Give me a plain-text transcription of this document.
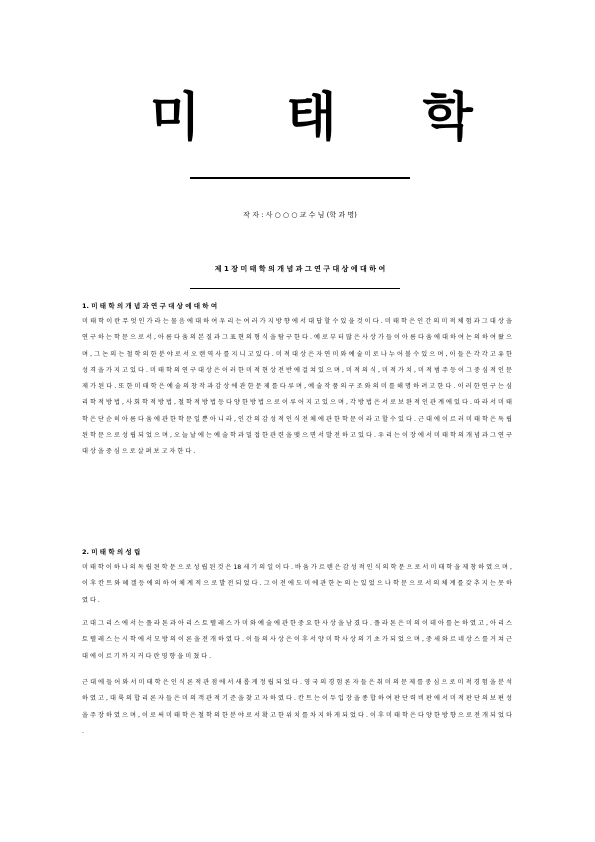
미 태 학
작 자 : 사 ○ ○ ○ 교 수 님 (학 과 명)
제 1 장 미 태 학 의 개 념 과 그 연 구 대 상 에 대 하 여
1. 미 태 학 의 개 념 과 연 구 대 상 에 대 하 여
미 태 학 이 란 무 엇 인 가 라 는 물 음 에 대 하 여 우 리 는 여 러 가 지 방 향 에 서 대 답 할 수 있 을 것 이 다 . 미 태 학 은 인 간 의 미 적 체 험 과 그 대 상 을 연 구 하 는 학 문 으 로 서 , 아 름 다 움 의 본 질 과 그 표 현 의 형 식 을 탐 구 한 다 . 예 로 부 터 많 은 사 상 가 들 이 아 름 다 움 에 대 하 여 논 의 하 여 왔 으 며 , 그 논 의 는 철 학 의 한 분 야 로 서 오 랜 역 사 를 지 니 고 있 다 . 미 적 대 상 은 자 연 미 와 예 술 미 로 나 누 어 볼 수 있 으 며 , 이 들 은 각 각 고 유 한 성 격 을 가 지 고 있 다 . 미 태 학 의 연 구 대 상 은 이 러 한 미 적 현 상 전 반 에 걸 쳐 있 으 며 , 미 적 의 식 , 미 적 가 치 , 미 적 범 주 등 이 그 중 심 적 인 문 제 가 된 다 . 또 한 미 태 학 은 예 술 의 창 작 과 감 상 에 관 한 문 제 를 다 루 며 , 예 술 작 품 의 구 조 와 의 미 를 해 명 하 려 고 한 다 . 이 러 한 연 구 는 심 리 학 적 방 법 , 사 회 학 적 방 법 , 철 학 적 방 법 등 다 양 한 방 법 으 로 이 루 어 지 고 있 으 며 , 각 방 법 은 서 로 보 완 적 인 관 계 에 있 다 . 따 라 서 미 태 학 은 단 순 히 아 름 다 움 에 관 한 학 문 일 뿐 아 니 라 , 인 간 의 감 성 적 인 식 전 체 에 관 한 학 문 이 라 고 할 수 있 다 . 근 대 에 이 르 러 미 태 학 은 독 립 된 학 문 으 로 성 립 되 었 으 며 , 오 늘 날 에 는 예 술 학 과 밀 접 한 관 련 을 맺 으 면 서 발 전 하 고 있 다 . 우 리 는 이 장 에 서 미 태 학 의 개 념 과 그 연 구 대 상 을 중 심 으 로 살 펴 보 고 자 한 다 .
2. 미 태 학 의 성 립
미 태 학 이 하 나 의 독 립 된 학 문 으 로 성 립 된 것 은 18 세 기 의 일 이 다 . 바 움 가 르 텐 은 감 성 적 인 식 의 학 문 으 로 서 미 태 학 을 제 창 하 였 으 며 , 이 후 칸 트 와 헤 겔 등 에 의 하 여 체 계 적 으 로 발 전 되 었 다 . 그 이 전 에 도 미 에 관 한 논 의 는 있 었 으 나 학 문 으 로 서 의 체 계 를 갖 추 지 는 못 하 였 다 .
고 대 그 리 스 에 서 는 플 라 톤 과 아 리 스 토 텔 레 스 가 미 와 예 술 에 관 한 중 요 한 사 상 을 남 겼 다 . 플 라 톤 은 미 의 이 데 아 를 논 하 였 고 , 아 리 스 토 텔 레 스 는 시 학 에 서 모 방 의 이 론 을 전 개 하 였 다 . 이 들 의 사 상 은 이 후 서 양 미 학 사 상 의 기 초 가 되 었 으 며 , 중 세 와 르 네 상 스 를 거 쳐 근 대 에 이 르 기 까 지 커 다 란 영 향 을 미 쳤 다 .
근 대 에 들 어 와 서 미 태 학 은 인 식 론 적 관 점 에 서 새 롭 게 정 립 되 었 다 . 영 국 의 경 험 론 자 들 은 취 미 의 문 제 를 중 심 으 로 미 적 경 험 을 분 석 하 였 고 , 대 륙 의 합 리 론 자 들 은 미 의 객 관 적 기 준 을 찾 고 자 하 였 다 . 칸 트 는 이 두 입 장 을 종 합 하 여 판 단 력 비 판 에 서 미 적 판 단 의 보 편 성 을 주 장 하 였 으 며 , 이 로 써 미 태 학 은 철 학 의 한 분 야 로 서 확 고 한 위 치 를 차 지 하 게 되 었 다 . 이 후 미 태 학 은 다 양 한 방 향 으 로 전 개 되 었 다 .
